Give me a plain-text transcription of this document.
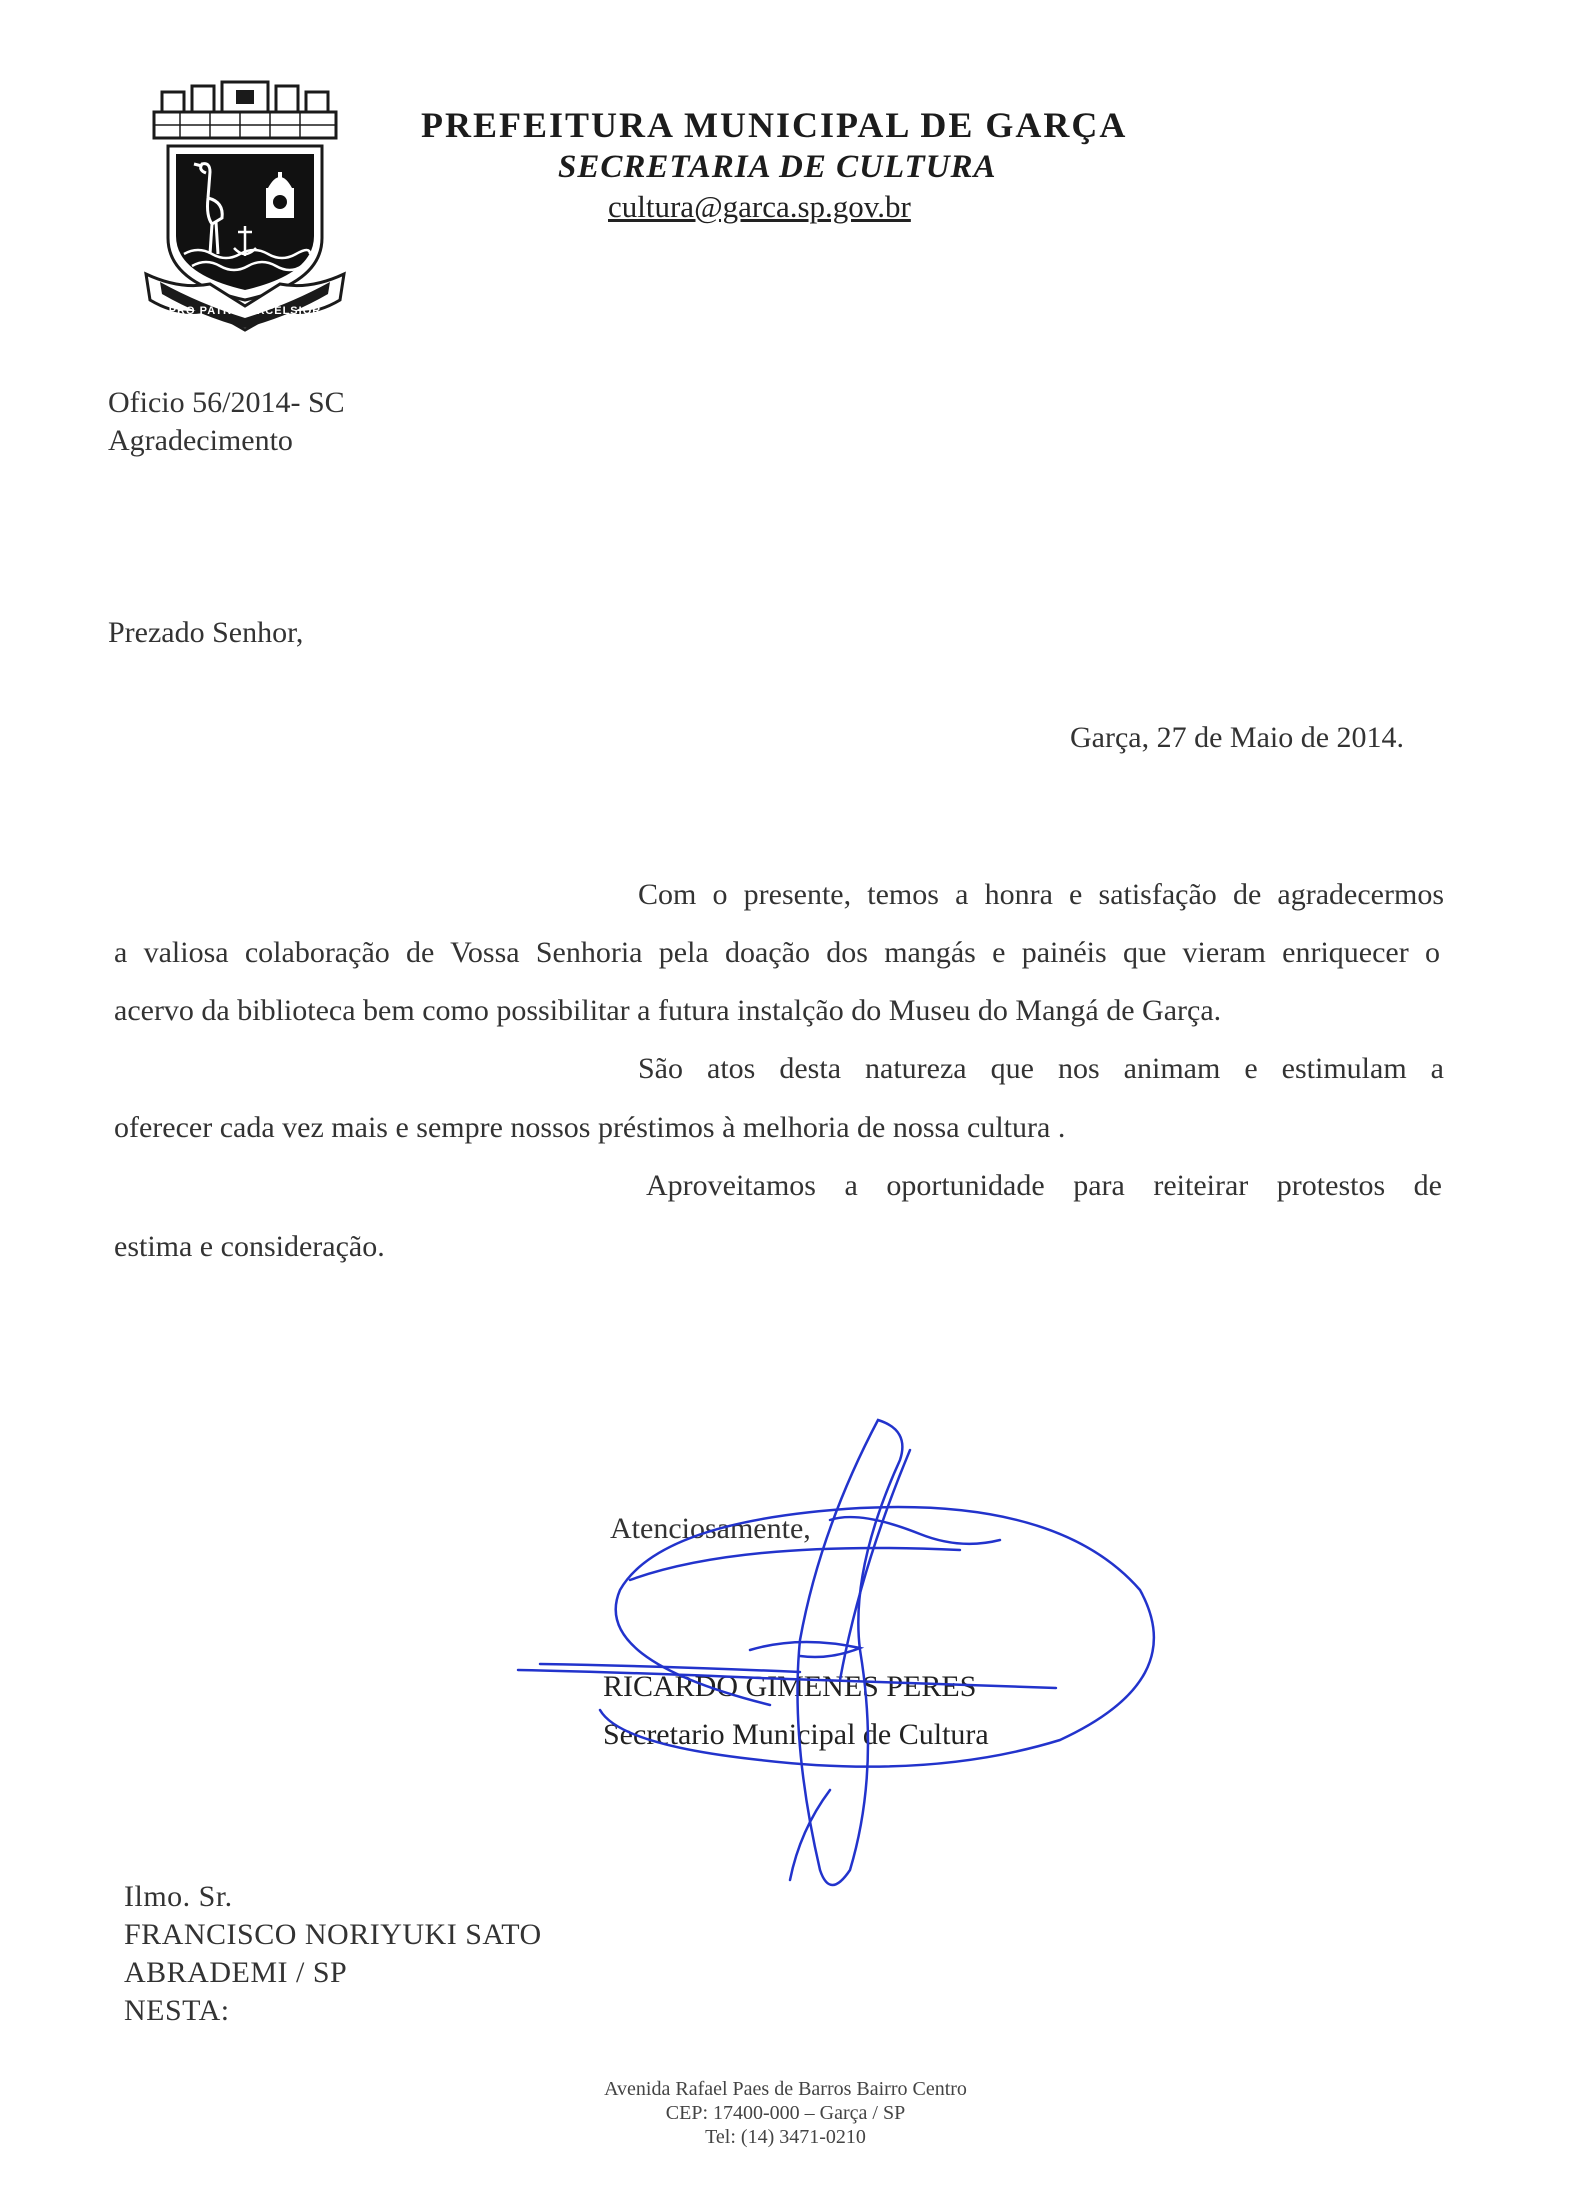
PRO PATRIA EXCELSIOR
PREFEITURA MUNICIPAL DE GARÇA
SECRETARIA DE CULTURA
cultura@garca.sp.gov.br
Oficio 56/2014- SC
Agradecimento
Prezado Senhor,
Garça, 27 de Maio de 2014.
Com o presente, temos a honra e satisfação de agradecermos
a valiosa colaboração de Vossa Senhoria pela doação dos mangás e painéis que vieram enriquecer o
acervo da biblioteca bem como possibilitar a futura instalção do Museu do Mangá de Garça.
São atos desta natureza que nos animam e estimulam a
oferecer cada vez mais e sempre nossos préstimos à melhoria de nossa cultura .
Aproveitamos a oportunidade para reiteirar protestos de
estima e consideração.
Atenciosamente,
RICARDO GIMENES PERES
Secretario Municipal de Cultura
Ilmo. Sr.
FRANCISCO NORIYUKI SATO
ABRADEMI / SP
NESTA:
Avenida Rafael Paes de Barros Bairro Centro
CEP: 17400-000 – Garça / SP
Tel: (14) 3471-0210
